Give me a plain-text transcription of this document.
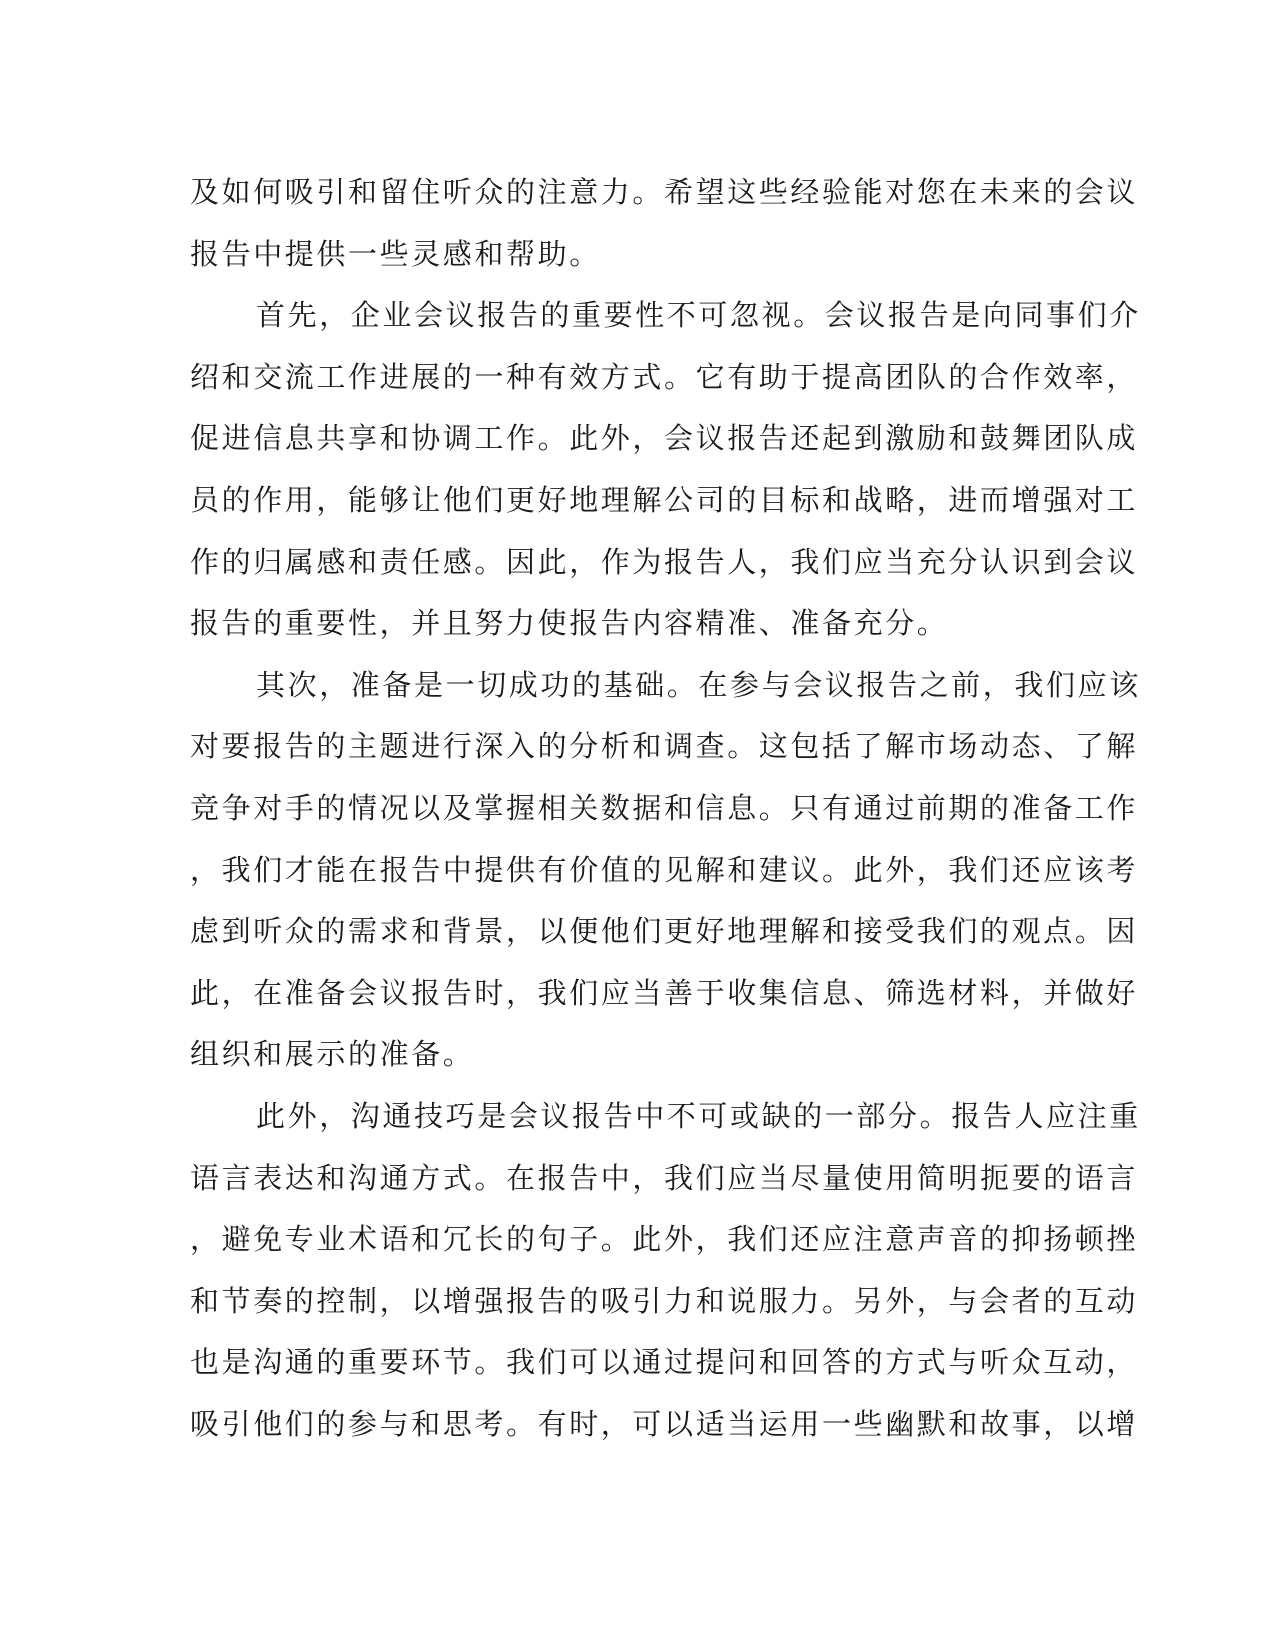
及如何吸引和留住听众的注意力。希望这些经验能对您在未来的会议
报告中提供一些灵感和帮助。
首先，企业会议报告的重要性不可忽视。会议报告是向同事们介
绍和交流工作进展的一种有效方式。它有助于提高团队的合作效率，
促进信息共享和协调工作。此外，会议报告还起到激励和鼓舞团队成
员的作用，能够让他们更好地理解公司的目标和战略，进而增强对工
作的归属感和责任感。因此，作为报告人，我们应当充分认识到会议
报告的重要性，并且努力使报告内容精准、准备充分。
其次，准备是一切成功的基础。在参与会议报告之前，我们应该
对要报告的主题进行深入的分析和调查。这包括了解市场动态、了解
竞争对手的情况以及掌握相关数据和信息。只有通过前期的准备工作
，我们才能在报告中提供有价值的见解和建议。此外，我们还应该考
虑到听众的需求和背景，以便他们更好地理解和接受我们的观点。因
此，在准备会议报告时，我们应当善于收集信息、筛选材料，并做好
组织和展示的准备。
此外，沟通技巧是会议报告中不可或缺的一部分。报告人应注重
语言表达和沟通方式。在报告中，我们应当尽量使用简明扼要的语言
，避免专业术语和冗长的句子。此外，我们还应注意声音的抑扬顿挫
和节奏的控制，以增强报告的吸引力和说服力。另外，与会者的互动
也是沟通的重要环节。我们可以通过提问和回答的方式与听众互动，
吸引他们的参与和思考。有时，可以适当运用一些幽默和故事，以增
